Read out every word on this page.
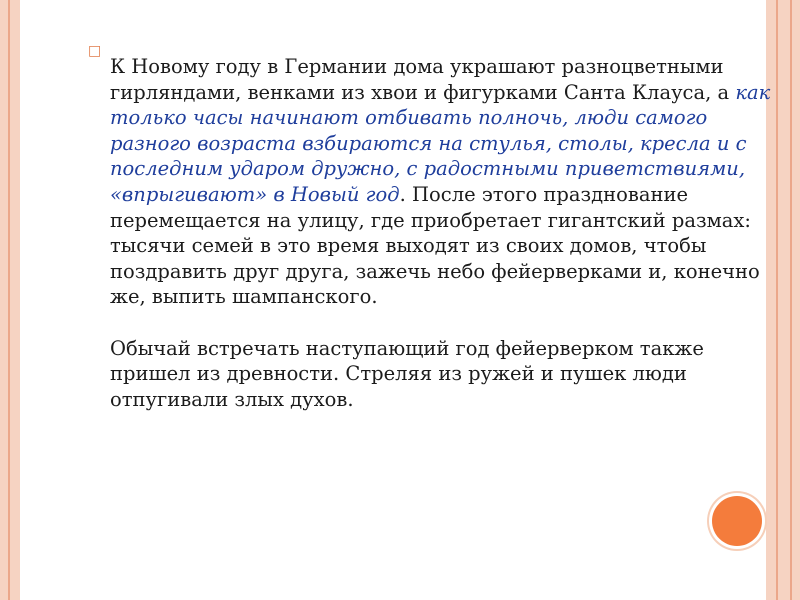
□

К Новому году в Германии дома украшают разноцветными гирляндами, венками из хвои и фигурками Санта Клауса, а как только часы начинают отбивать полночь, люди самого разного возраста взбираются на стулья, столы, кресла и с последним ударом дружно, с радостными приветствиями, «впрыгивают» в Новый год. После этого празднование перемещается на улицу, где приобретает гигантский размах: тысячи семей в это время выходят из своих домов, чтобы поздравить друг друга, зажечь небо фейерверками и, конечно же, выпить шампанского.

Обычай встречать наступающий год фейерверком также пришел из древности. Стреляя из ружей и пушек люди отпугивали злых духов.
